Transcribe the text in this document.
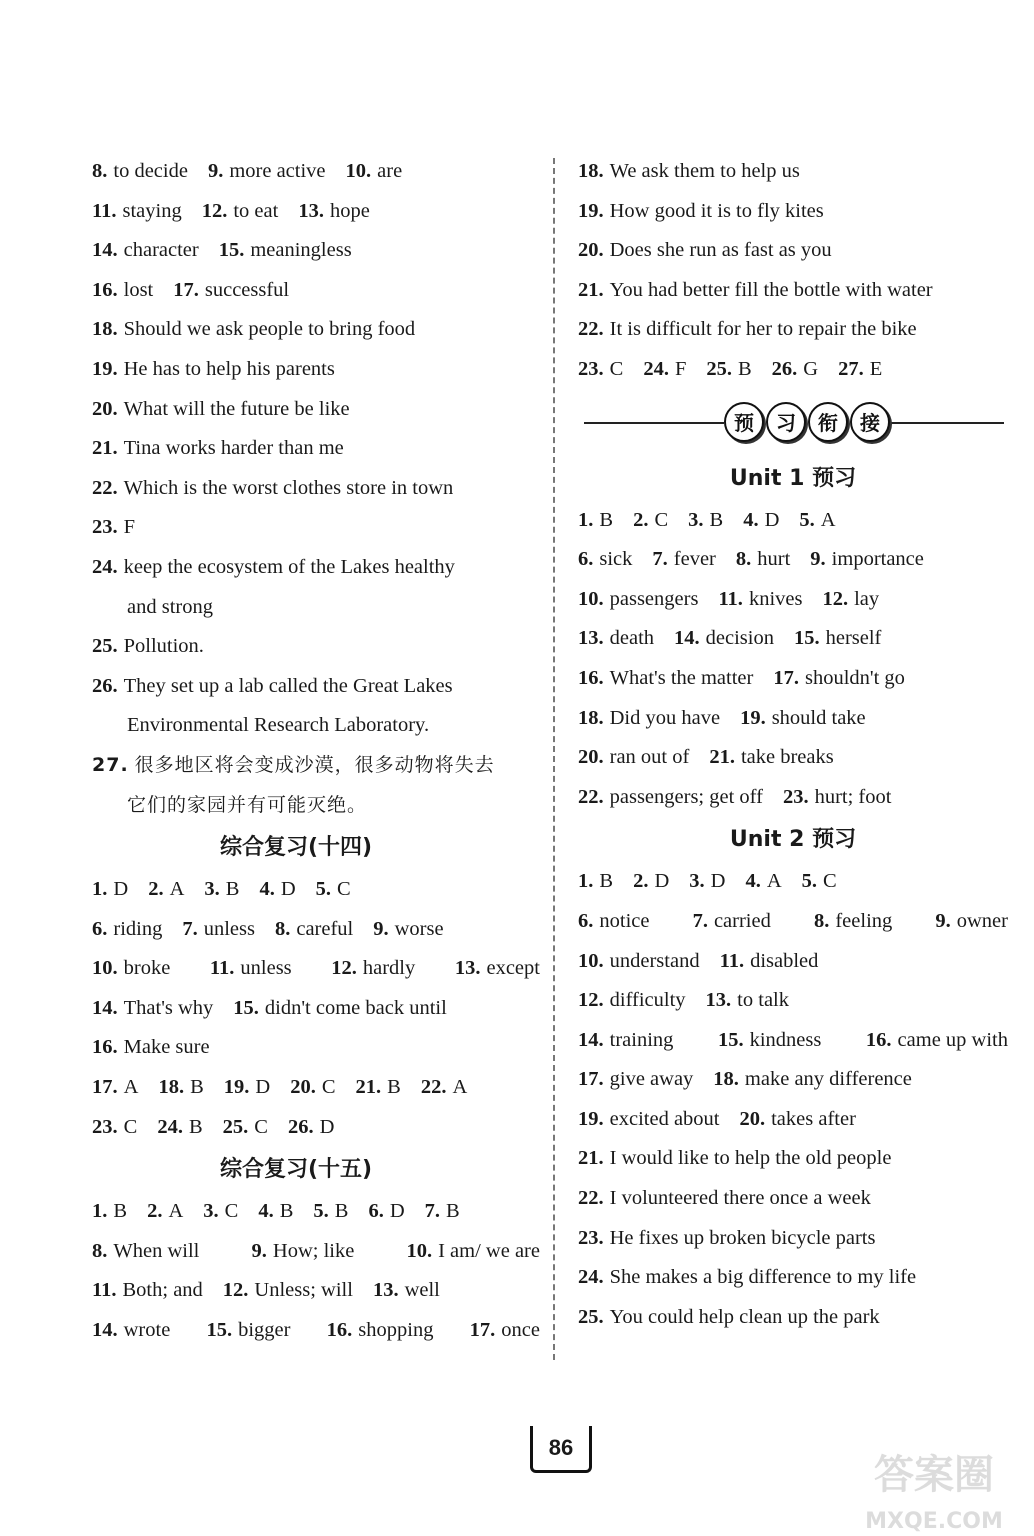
8. to decide 9. more active 10. are
11. staying 12. to eat 13. hope
14. character 15. meaningless
16. lost 17. successful
18. Should we ask people to bring food
19. He has to help his parents
20. What will the future be like
21. Tina works harder than me
22. Which is the worst clothes store in town
23. F
24. keep the ecosystem of the Lakes healthy
and strong
25. Pollution.
26. They set up a lab called the Great Lakes
Environmental Research Laboratory.
27. 很多地区将会变成沙漠，很多动物将失去
它们的家园并有可能灭绝。
综合复习(十四)
1. D 2. A 3. B 4. D 5. C
6. riding 7. unless 8. careful 9. worse
10. broke 11. unless 12. hardly 13. except
14. That's why 15. didn't come back until
16. Make sure
17. A 18. B 19. D 20. C 21. B 22. A
23. C 24. B 25. C 26. D
综合复习(十五)
1. B 2. A 3. C 4. B 5. B 6. D 7. B
8. When will	9. How; like	10. I am/ we are
11. Both; and 12. Unless; will 13. well
14. wrote 15. bigger 16. shopping 17. once
18. We ask them to help us
19. How good it is to fly kites
20. Does she run as fast as you
21. You had better fill the bottle with water
22. It is difficult for her to repair the bike
23. C 24. F 25. B 26. G 27. E
预	习	衔	接
Unit 1 预习
1. B 2. C 3. B 4. D 5. A
6. sick 7. fever 8. hurt 9. importance
10. passengers 11. knives 12. lay
13. death 14. decision 15. herself
16. What's the matter 17. shouldn't go
18. Did you have 19. should take
20. ran out of 21. take breaks
22. passengers; get off 23. hurt; foot
Unit 2 预习
1. B 2. D 3. D 4. A 5. C
6. notice 7. carried 8. feeling 9. owner
10. understand 11. disabled
12. difficulty 13. to talk
14. training 15. kindness 16. came up with
17. give away 18. make any difference
19. excited about 20. takes after
21. I would like to help the old people
22. I volunteered there once a week
23. He fixes up broken bicycle parts
24. She makes a big difference to my life
25. You could help clean up the park
86
答案圈
MXQE.COM
